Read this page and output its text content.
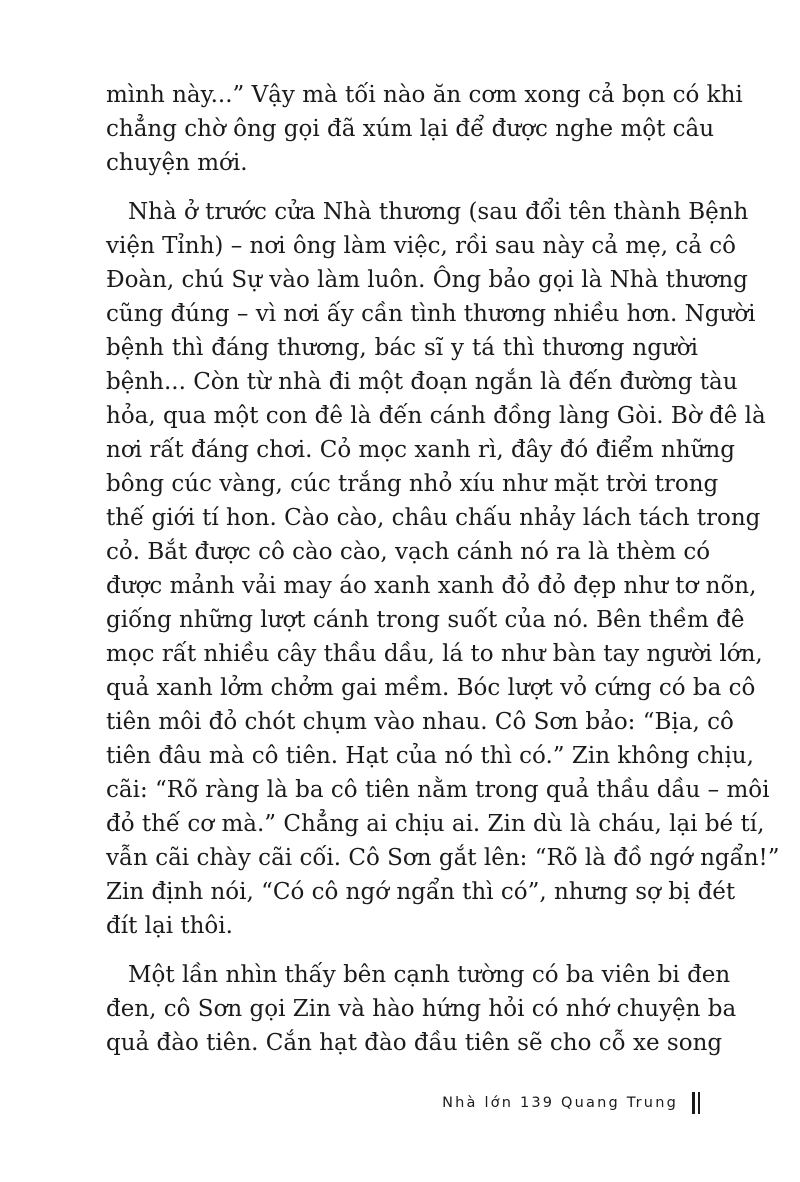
mình này...” Vậy mà tối nào ăn cơm xong cả bọn có khi
chẳng chờ ông gọi đã xúm lại để được nghe một câu
chuyện mới.
Nhà ở trước cửa Nhà thương (sau đổi tên thành Bệnh
viện Tỉnh) – nơi ông làm việc, rồi sau này cả mẹ, cả cô
Đoàn, chú Sự vào làm luôn. Ông bảo gọi là Nhà thương
cũng đúng – vì nơi ấy cần tình thương nhiều hơn. Người
bệnh thì đáng thương, bác sĩ y tá thì thương người
bệnh... Còn từ nhà đi một đoạn ngắn là đến đường tàu
hỏa, qua một con đê là đến cánh đồng làng Gòi. Bờ đê là
nơi rất đáng chơi. Cỏ mọc xanh rì, đây đó điểm những
bông cúc vàng, cúc trắng nhỏ xíu như mặt trời trong
thế giới tí hon. Cào cào, châu chấu nhảy lách tách trong
cỏ. Bắt được cô cào cào, vạch cánh nó ra là thèm có
được mảnh vải may áo xanh xanh đỏ đỏ đẹp như tơ nõn,
giống những lượt cánh trong suốt của nó. Bên thềm đê
mọc rất nhiều cây thầu dầu, lá to như bàn tay người lớn,
quả xanh lởm chởm gai mềm. Bóc lượt vỏ cứng có ba cô
tiên môi đỏ chót chụm vào nhau. Cô Sơn bảo: “Bịa, cô
tiên đâu mà cô tiên. Hạt của nó thì có.” Zin không chịu,
cãi: “Rõ ràng là ba cô tiên nằm trong quả thầu dầu – môi
đỏ thế cơ mà.” Chẳng ai chịu ai. Zin dù là cháu, lại bé tí,
vẫn cãi chày cãi cối. Cô Sơn gắt lên: “Rõ là đồ ngớ ngẩn!”
Zin định nói, “Có cô ngớ ngẩn thì có”, nhưng sợ bị đét
đít lại thôi.
Một lần nhìn thấy bên cạnh tường có ba viên bi đen
đen, cô Sơn gọi Zin và hào hứng hỏi có nhớ chuyện ba
quả đào tiên. Cắn hạt đào đầu tiên sẽ cho cỗ xe song
Nhà lớn 139 Quang Trung
